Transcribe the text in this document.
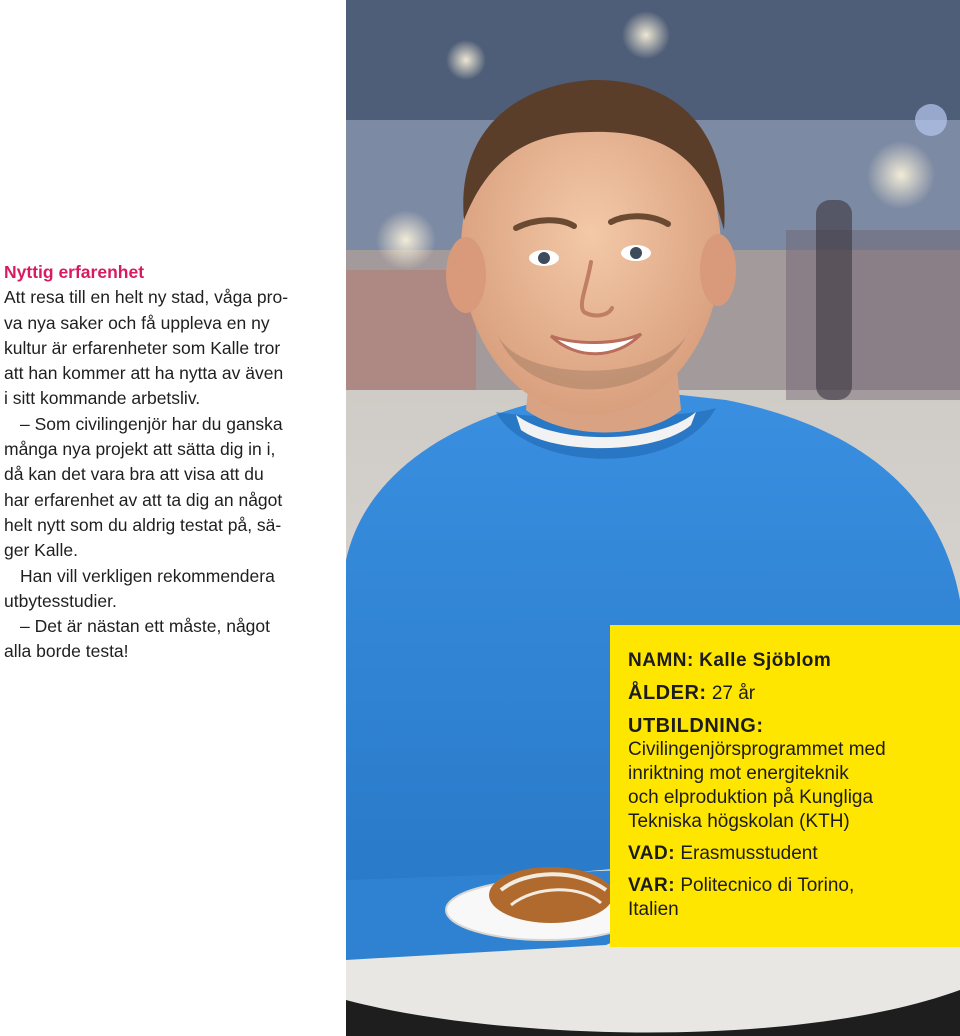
Nyttig erfarenhet

Att resa till en helt ny stad, våga pro-

va nya saker och få uppleva en ny

kultur är erfarenheter som Kalle tror

att han kommer att ha nytta av även

i sitt kommande arbetsliv.

– Som civilingenjör har du ganska

många nya projekt att sätta dig in i,

då kan det vara bra att visa att du

har erfarenhet av att ta dig an något

helt nytt som du aldrig testat på, sä-

ger Kalle.

Han vill verkligen rekommendera

utbytesstudier.

– Det är nästan ett måste, något

alla borde testa!	NAMN: Kalle Sjöblom
ÅLDER: 27 år
UTBILDNING:
Civilingenjörsprogrammet med
inriktning mot energiteknik
och elproduktion på Kungliga
Tekniska högskolan (KTH)
VAD: Erasmusstudent
VAR: Politecnico di Torino,
Italien
